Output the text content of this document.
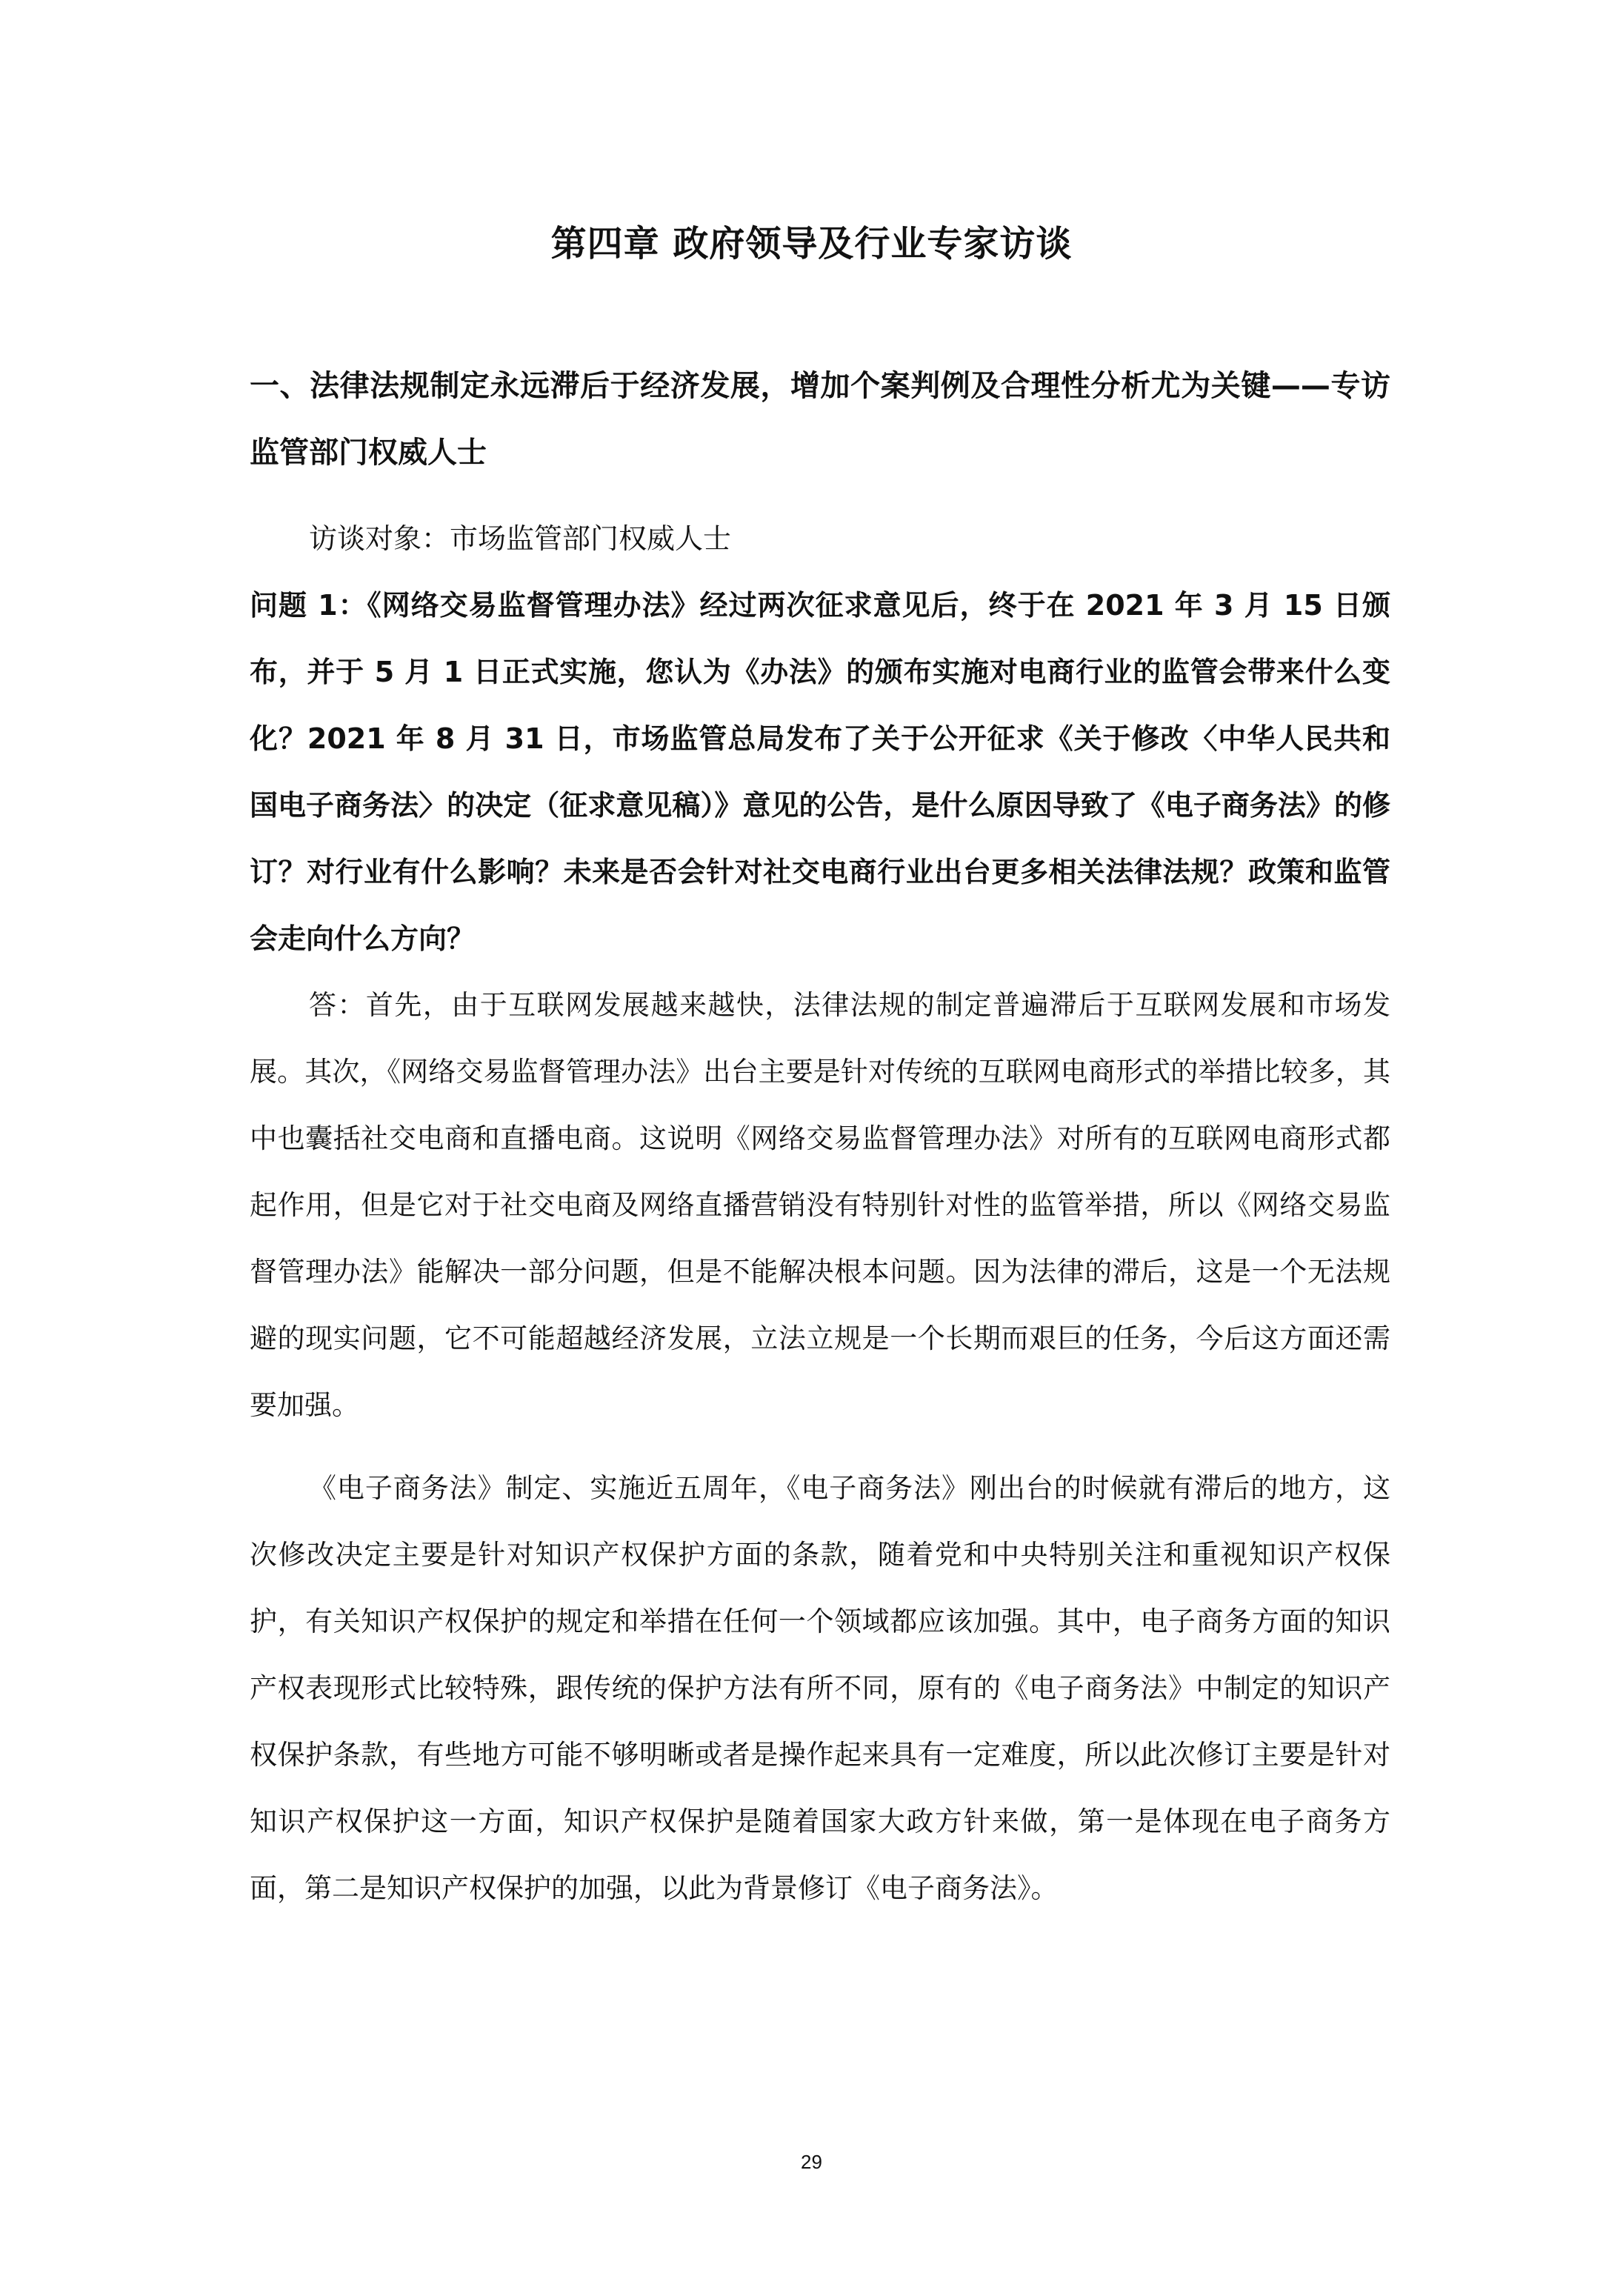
第四章 政府领导及行业专家访谈
一、法律法规制定永远滞后于经济发展，增加个案判例及合理性分析尤为关键——专访监管部门权威人士

访谈对象：市场监管部门权威人士

问题 1：《网络交易监督管理办法》经过两次征求意见后，终于在 2021 年 3 月 15 日颁布，并于 5 月 1 日正式实施，您认为《办法》的颁布实施对电商行业的监管会带来什么变化？2021 年 8 月 31 日，市场监管总局发布了关于公开征求《关于修改〈中华人民共和国电子商务法〉的决定（征求意见稿）》意见的公告，是什么原因导致了《电子商务法》的修订？对行业有什么影响？未来是否会针对社交电商行业出台更多相关法律法规？政策和监管会走向什么方向？

答：首先，由于互联网发展越来越快，法律法规的制定普遍滞后于互联网发展和市场发展。其次，《网络交易监督管理办法》出台主要是针对传统的互联网电商形式的举措比较多，其中也囊括社交电商和直播电商。这说明《网络交易监督管理办法》对所有的互联网电商形式都起作用，但是它对于社交电商及网络直播营销没有特别针对性的监管举措，所以《网络交易监督管理办法》能解决一部分问题，但是不能解决根本问题。因为法律的滞后，这是一个无法规避的现实问题，它不可能超越经济发展，立法立规是一个长期而艰巨的任务，今后这方面还需要加强。

《电子商务法》制定、实施近五周年，《电子商务法》刚出台的时候就有滞后的地方，这次修改决定主要是针对知识产权保护方面的条款，随着党和中央特别关注和重视知识产权保护，有关知识产权保护的规定和举措在任何一个领域都应该加强。其中，电子商务方面的知识产权表现形式比较特殊，跟传统的保护方法有所不同，原有的《电子商务法》中制定的知识产权保护条款，有些地方可能不够明晰或者是操作起来具有一定难度，所以此次修订主要是针对知识产权保护这一方面，知识产权保护是随着国家大政方针来做，第一是体现在电子商务方面，第二是知识产权保护的加强，以此为背景修订《电子商务法》。

29
